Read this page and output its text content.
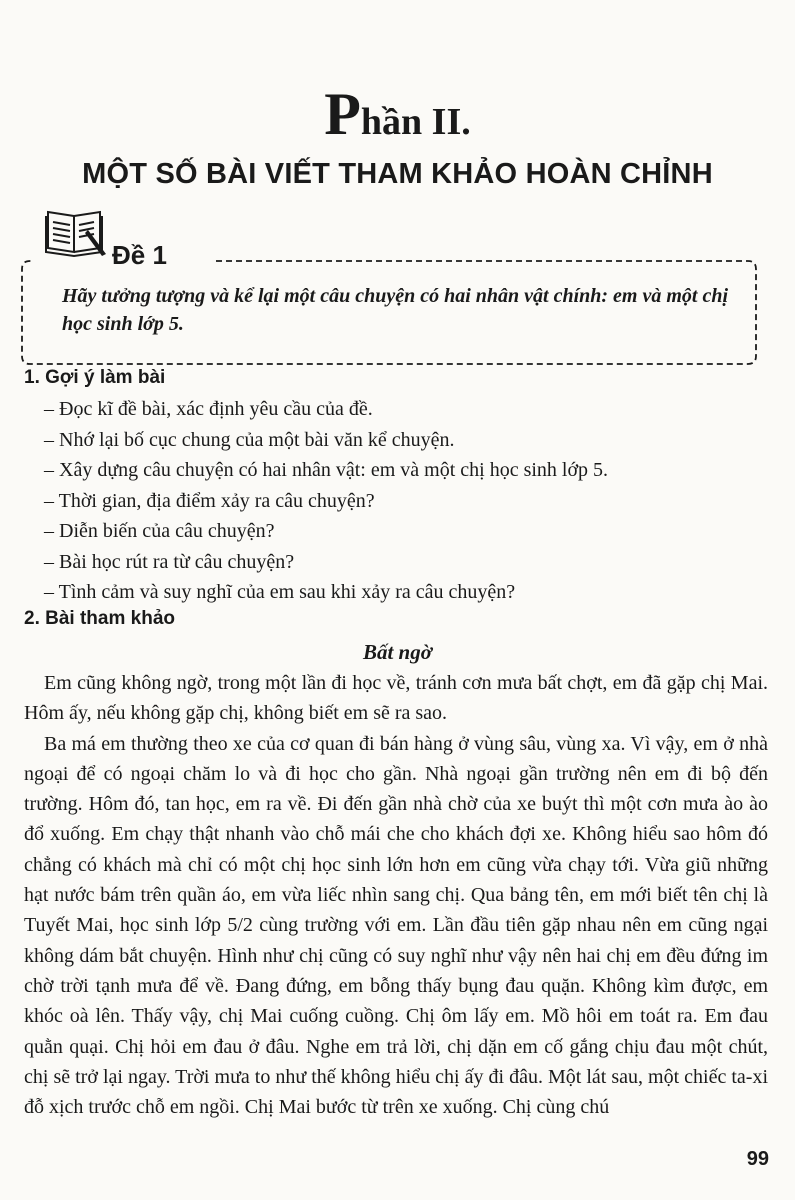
Phần II.
MỘT SỐ BÀI VIẾT THAM KHẢO HOÀN CHỈNH
Đề 1
Hãy tưởng tượng và kể lại một câu chuyện có hai nhân vật chính: em và một chị học sinh lớp 5.
1. Gợi ý làm bài
– Đọc kĩ đề bài, xác định yêu cầu của đề.
– Nhớ lại bố cục chung của một bài văn kể chuyện.
– Xây dựng câu chuyện có hai nhân vật: em và một chị học sinh lớp 5.
– Thời gian, địa điểm xảy ra câu chuyện?
– Diễn biến của câu chuyện?
– Bài học rút ra từ câu chuyện?
– Tình cảm và suy nghĩ của em sau khi xảy ra câu chuyện?
2. Bài tham khảo
Bất ngờ

Em cũng không ngờ, trong một lần đi học về, tránh cơn mưa bất chợt, em đã gặp chị Mai. Hôm ấy, nếu không gặp chị, không biết em sẽ ra sao.

Ba má em thường theo xe của cơ quan đi bán hàng ở vùng sâu, vùng xa. Vì vậy, em ở nhà ngoại để có ngoại chăm lo và đi học cho gần. Nhà ngoại gần trường nên em đi bộ đến trường. Hôm đó, tan học, em ra về. Đi đến gần nhà chờ của xe buýt thì một cơn mưa ào ào đổ xuống. Em chạy thật nhanh vào chỗ mái che cho khách đợi xe. Không hiểu sao hôm đó chẳng có khách mà chỉ có một chị học sinh lớn hơn em cũng vừa chạy tới. Vừa giũ những hạt nước bám trên quần áo, em vừa liếc nhìn sang chị. Qua bảng tên, em mới biết tên chị là Tuyết Mai, học sinh lớp 5/2 cùng trường với em. Lần đầu tiên gặp nhau nên em cũng ngại không dám bắt chuyện. Hình như chị cũng có suy nghĩ như vậy nên hai chị em đều đứng im chờ trời tạnh mưa để về. Đang đứng, em bỗng thấy bụng đau quặn. Không kìm được, em khóc oà lên. Thấy vậy, chị Mai cuống cuồng. Chị ôm lấy em. Mồ hôi em toát ra. Em đau quằn quại. Chị hỏi em đau ở đâu. Nghe em trả lời, chị dặn em cố gắng chịu đau một chút, chị sẽ trở lại ngay. Trời mưa to như thế không hiểu chị ấy đi đâu. Một lát sau, một chiếc ta-xi đỗ xịch trước chỗ em ngồi. Chị Mai bước từ trên xe xuống. Chị cùng chú

99
